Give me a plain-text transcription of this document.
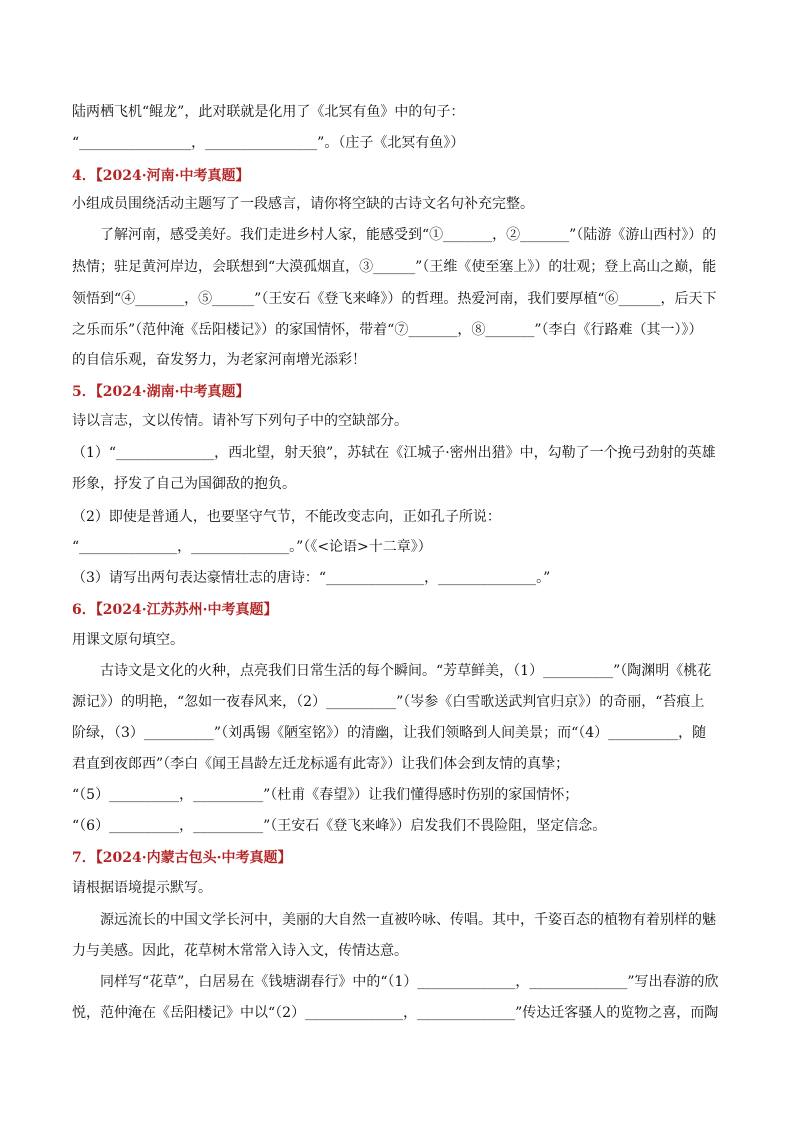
陆两栖飞机“鲲龙”，此对联就是化用了《北冥有鱼》中的句子：
“________________，________________”。（庄子《北冥有鱼》）
4．【2024·河南·中考真题】
小组成员围绕活动主题写了一段感言，请你将空缺的古诗文名句补充完整。
了解河南，感受美好。我们走进乡村人家，能感受到“①_______，②_______”（陆游《游山西村》）的
热情；驻足黄河岸边，会联想到“大漠孤烟直，③______”（王维《使至塞上》）的壮观；登上高山之巅，能
领悟到“④_______，⑤______”（王安石《登飞来峰》）的哲理。热爱河南，我们要厚植“⑥______，后天下
之乐而乐”（范仲淹《岳阳楼记》）的家国情怀，带着“⑦_______，⑧_______”（李白《行路难（其一）》）
的自信乐观，奋发努力，为老家河南增光添彩！
5．【2024·湖南·中考真题】
诗以言志，文以传情。请补写下列句子中的空缺部分。
（1）“______________，西北望，射天狼”，苏轼在《江城子·密州出猎》中，勾勒了一个挽弓劲射的英雄
形象，抒发了自己为国御敌的抱负。
（2）即使是普通人，也要坚守气节，不能改变志向，正如孔子所说：
“______________，______________。”（《<论语>十二章》）
（3）请写出两句表达豪情壮志的唐诗：“______________，______________。”
6．【2024·江苏苏州·中考真题】
用课文原句填空。
古诗文是文化的火种，点亮我们日常生活的每个瞬间。“芳草鲜美，（1）__________”（陶渊明《桃花
源记》）的明艳，“忽如一夜春风来，（2）__________”（岑参《白雪歌送武判官归京》）的奇丽，“苔痕上
阶绿，（3）__________”（刘禹锡《陋室铭》）的清幽，让我们领略到人间美景；而“（4）__________，随
君直到夜郎西”（李白《闻王昌龄左迁龙标遥有此寄》）让我们体会到友情的真挚；
“（5）__________，__________”（杜甫《春望》）让我们懂得感时伤别的家国情怀；
“（6）__________，__________”（王安石《登飞来峰》）启发我们不畏险阻，坚定信念。
7．【2024·内蒙古包头·中考真题】
请根据语境提示默写。
源远流长的中国文学长河中，美丽的大自然一直被吟咏、传唱。其中，千姿百态的植物有着别样的魅
力与美感。因此，花草树木常常入诗入文，传情达意。
同样写“花草”，白居易在《钱塘湖春行》中的“（1）______________，______________”写出春游的欣
悦，范仲淹在《岳阳楼记》中以“（2）______________，______________”传达迁客骚人的览物之喜，而陶
